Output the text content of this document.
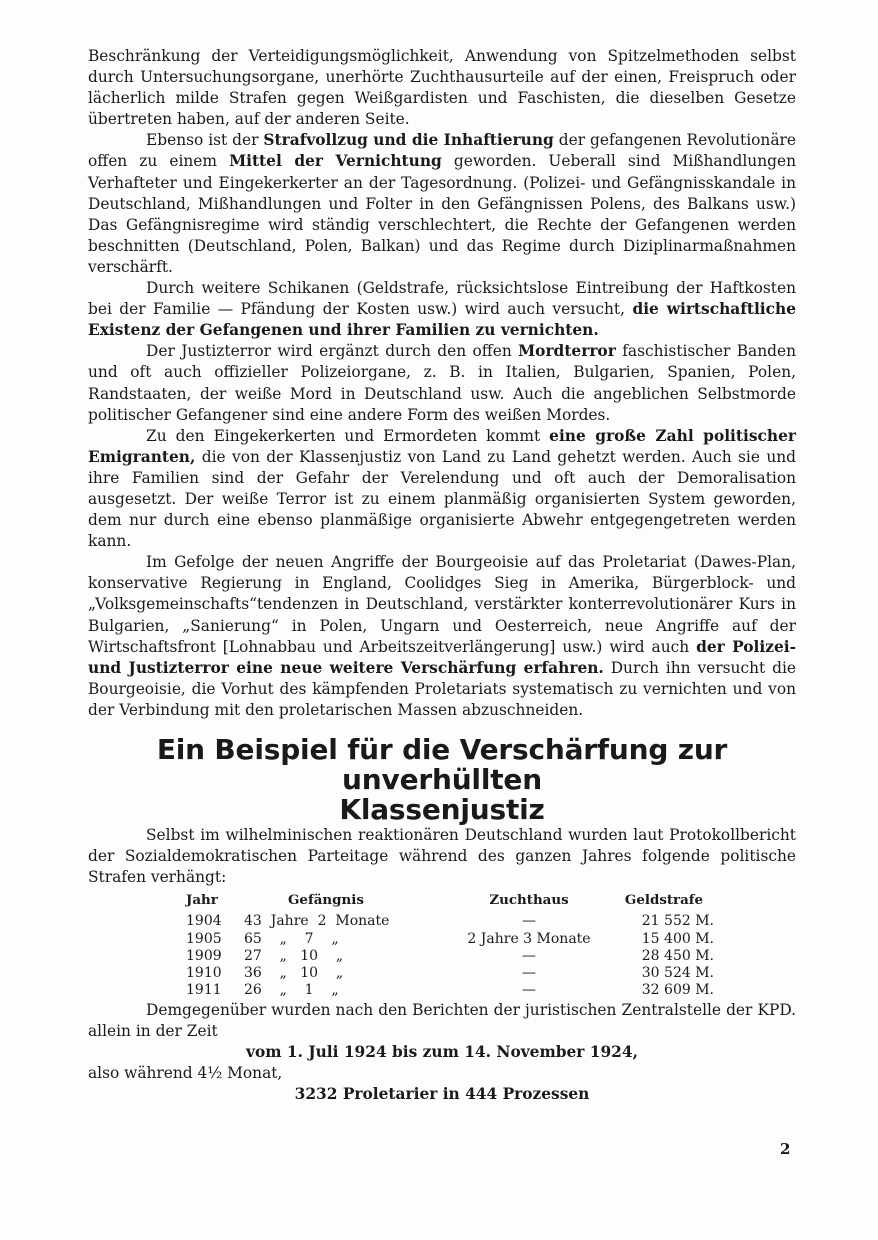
Beschränkung der Verteidigungsmöglichkeit, Anwendung von Spitzelmethoden selbst durch Untersuchungsorgane, unerhörte Zuchthausurteile auf der einen, Freispruch oder lächerlich milde Strafen gegen Weißgardisten und Faschisten, die dieselben Gesetze übertreten haben, auf der anderen Seite.

Ebenso ist der Strafvollzug und die Inhaftierung der gefangenen Revolutionäre offen zu einem Mittel der Vernichtung geworden. Ueberall sind Mißhandlungen Verhafteter und Eingekerkerter an der Tagesordnung. (Polizei- und Gefängnisskandale in Deutschland, Mißhandlungen und Folter in den Gefängnissen Polens, des Balkans usw.) Das Gefängnisregime wird ständig verschlechtert, die Rechte der Gefangenen werden beschnitten (Deutschland, Polen, Balkan) und das Regime durch Diziplinarmaßnahmen verschärft.

Durch weitere Schikanen (Geldstrafe, rücksichtslose Eintreibung der Haftkosten bei der Familie — Pfändung der Kosten usw.) wird auch versucht, die wirtschaftliche Existenz der Gefangenen und ihrer Familien zu vernichten.

Der Justizterror wird ergänzt durch den offen Mordterror faschistischer Banden und oft auch offizieller Polizeiorgane, z. B. in Italien, Bulgarien, Spanien, Polen, Randstaaten, der weiße Mord in Deutschland usw. Auch die angeblichen Selbstmorde politischer Gefangener sind eine andere Form des weißen Mordes.

Zu den Eingekerkerten und Ermordeten kommt eine große Zahl politischer Emigranten, die von der Klassenjustiz von Land zu Land gehetzt werden. Auch sie und ihre Familien sind der Gefahr der Verelendung und oft auch der Demoralisation ausgesetzt. Der weiße Terror ist zu einem planmäßig organisierten System geworden, dem nur durch eine ebenso planmäßige organisierte Abwehr entgegengetreten werden kann.

Im Gefolge der neuen Angriffe der Bourgeoisie auf das Proletariat (Dawes-Plan, konservative Regierung in England, Coolidges Sieg in Amerika, Bürgerblock- und „Volksgemeinschafts“tendenzen in Deutschland, verstärkter konterrevolutionärer Kurs in Bulgarien, „Sanierung“ in Polen, Ungarn und Oesterreich, neue Angriffe auf der Wirtschaftsfront [Lohnabbau und Arbeitszeitverlängerung] usw.) wird auch der Polizei- und Justizterror eine neue weitere Verschärfung erfahren. Durch ihn versucht die Bourgeoisie, die Vorhut des kämpfenden Proletariats systematisch zu vernichten und von der Verbindung mit den proletarischen Massen abzuschneiden.

Ein Beispiel für die Verschärfung zur unverhüllten
Klassenjustiz

Selbst im wilhelminischen reaktionären Deutschland wurden laut Protokollbericht der Sozialdemokratischen Parteitage während des ganzen Jahres folgende politische Strafen verhängt:

Jahr	Gefängnis	Zuchthaus	Geldstrafe
1904	43  Jahre  2  Monate	—	21 552 M.
1905	65    „    7    „	2 Jahre 3 Monate	15 400 M.
1909	27    „   10    „	—	28 450 M.
1910	36    „   10    „	—	30 524 M.
1911	26    „    1    „	—	32 609 M.

Demgegenüber wurden nach den Berichten der juristischen Zentralstelle der KPD. allein in der Zeit

vom 1. Juli 1924 bis zum 14. November 1924,

also während 4½ Monat,

3232 Proletarier in 444 Prozessen

2
